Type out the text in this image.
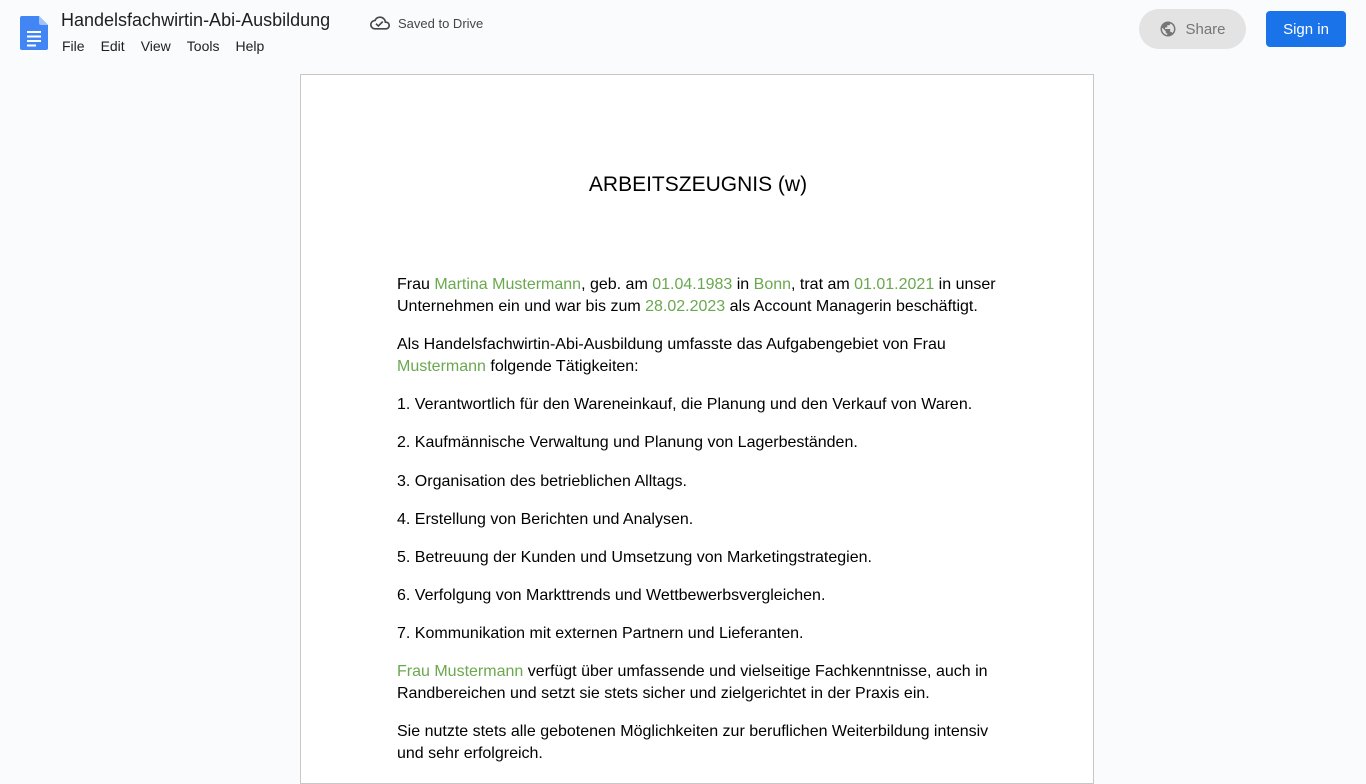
Handelsfachwirtin-Abi-Ausbildung	Saved to Drive
File	Edit	View	Tools	Help
Share	Sign in
ARBEITSZEUGNIS (w)
Frau Martina Mustermann, geb. am 01.04.1983 in Bonn, trat am 01.01.2021 in unser Unternehmen ein und war bis zum 28.02.2023 als Account Managerin beschäftigt.
Als Handelsfachwirtin-Abi-Ausbildung umfasste das Aufgabengebiet von Frau Mustermann folgende Tätigkeiten:
1. Verantwortlich für den Wareneinkauf, die Planung und den Verkauf von Waren.
2. Kaufmännische Verwaltung und Planung von Lagerbeständen.
3. Organisation des betrieblichen Alltags.
4. Erstellung von Berichten und Analysen.
5. Betreuung der Kunden und Umsetzung von Marketingstrategien.
6. Verfolgung von Markttrends und Wettbewerbsvergleichen.
7. Kommunikation mit externen Partnern und Lieferanten.
Frau Mustermann verfügt über umfassende und vielseitige Fachkenntnisse, auch in Randbereichen und setzt sie stets sicher und zielgerichtet in der Praxis ein.
Sie nutzte stets alle gebotenen Möglichkeiten zur beruflichen Weiterbildung intensiv und sehr erfolgreich.
